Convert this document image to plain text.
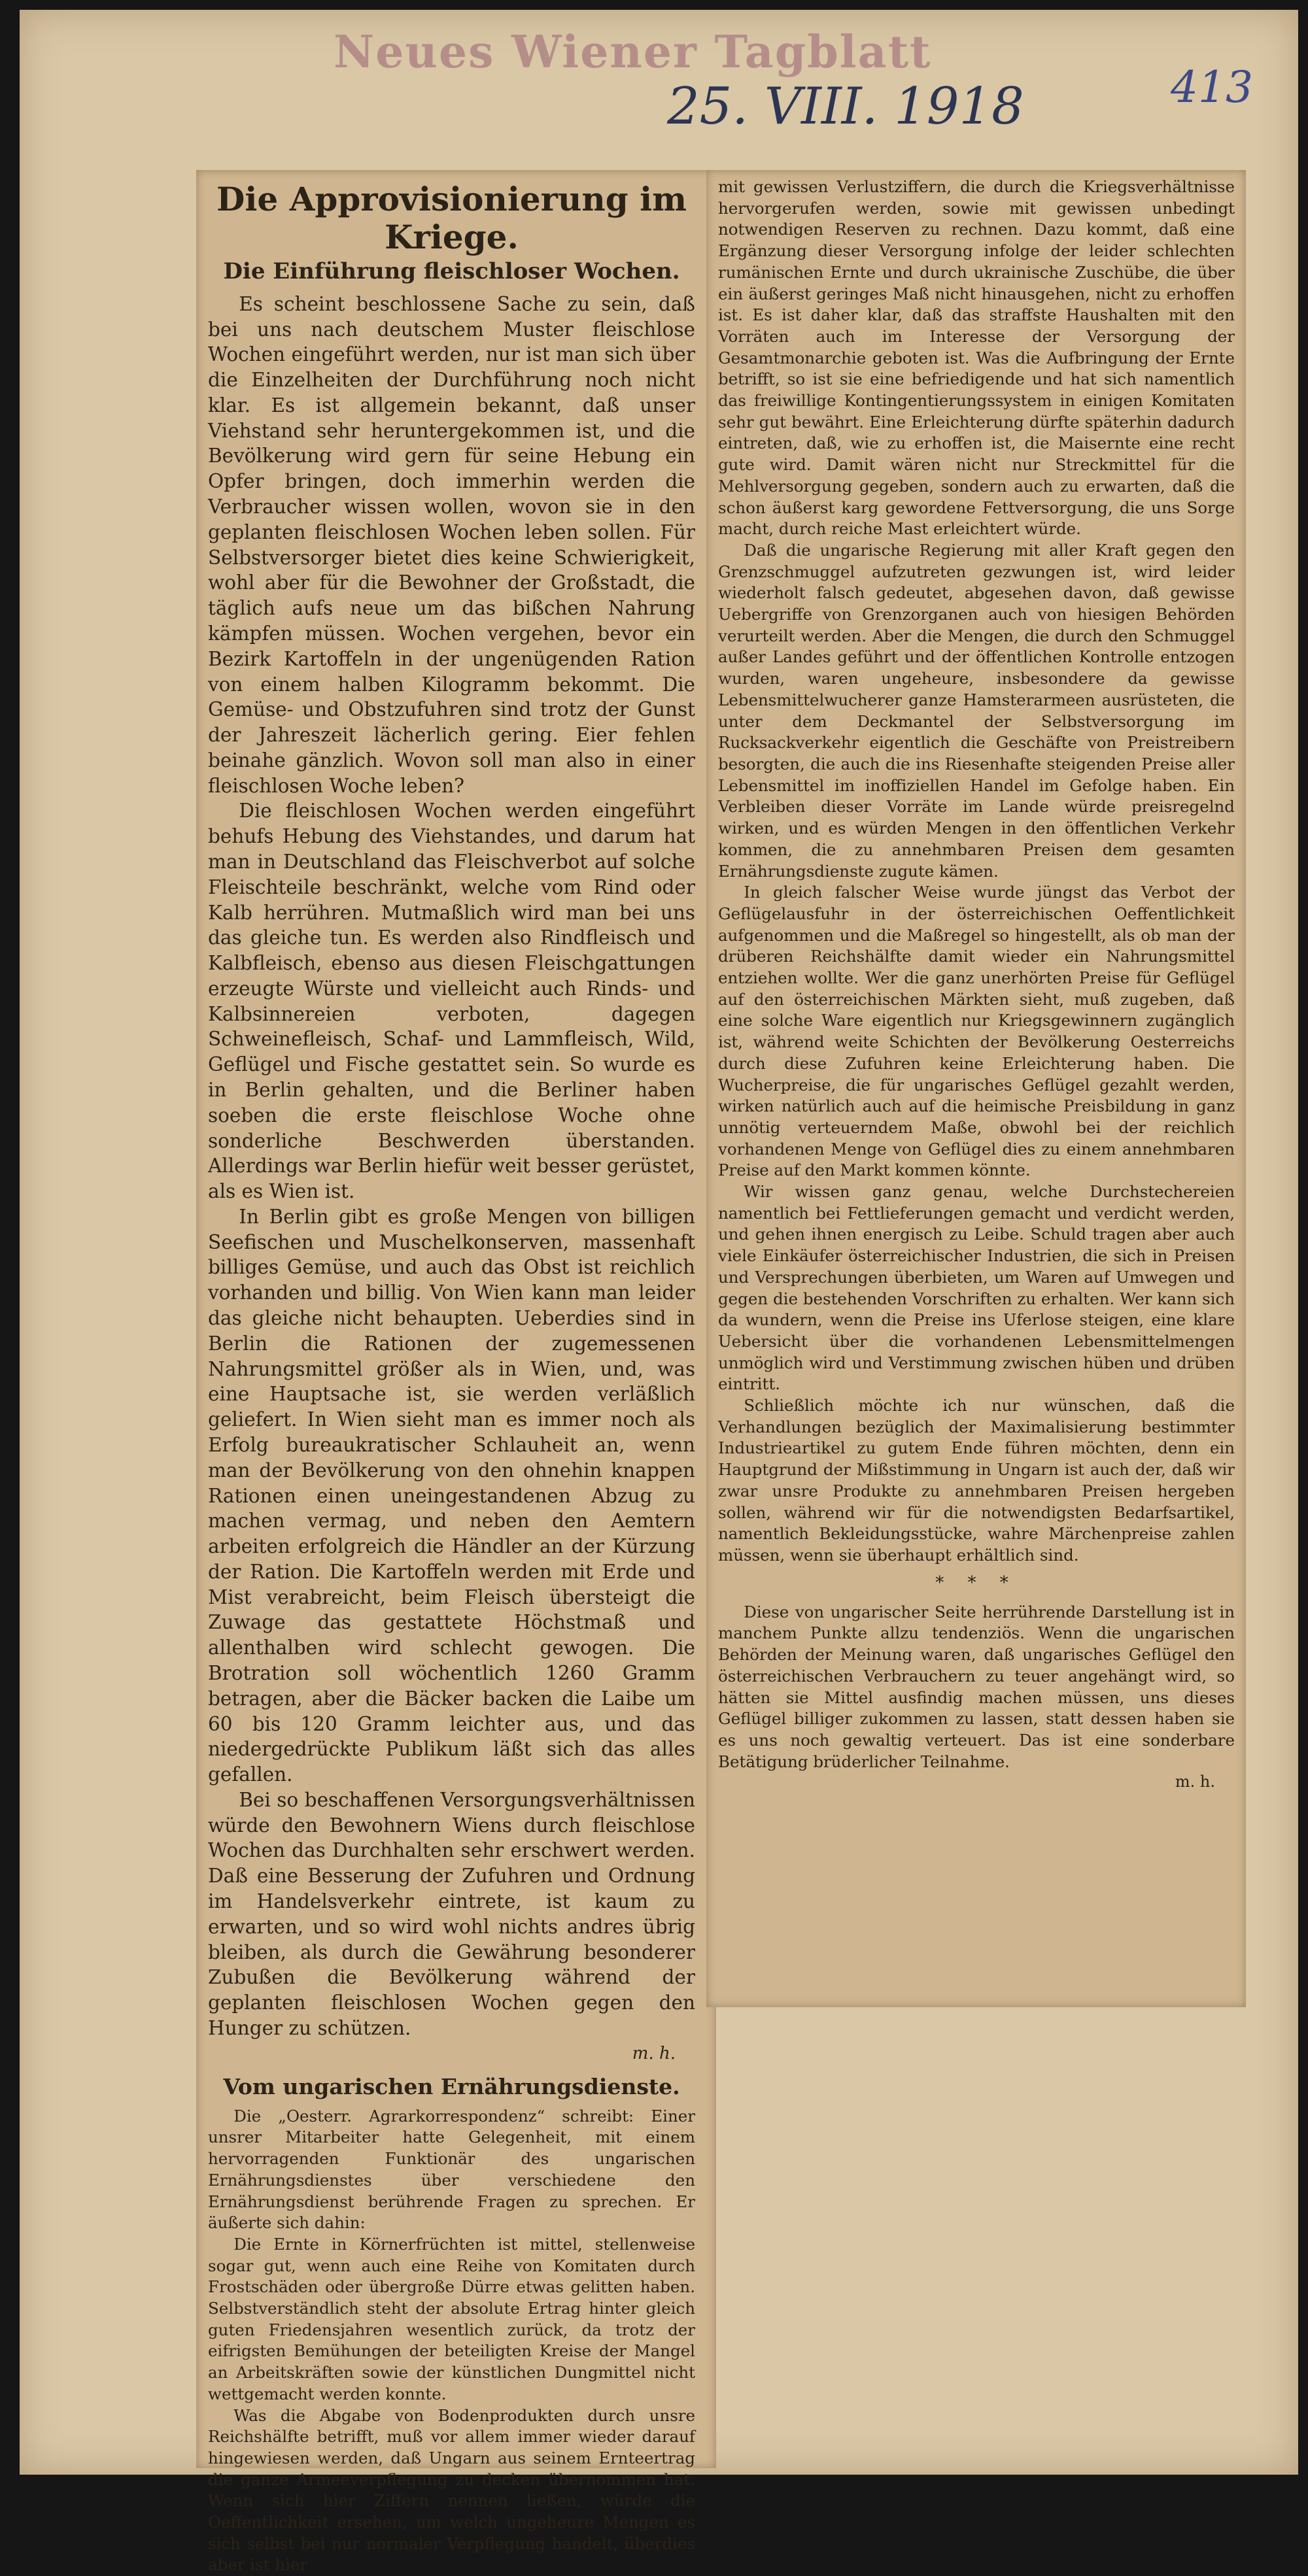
Neues Wiener Tagblatt
25. VIII. 1918	413
Die Approvisionierung im Kriege.
Die Einführung fleischloser Wochen.

Es scheint beschlossene Sache zu sein, daß bei uns nach deutschem Muster fleischlose Wochen eingeführt werden, nur ist man sich über die Einzelheiten der Durchführung noch nicht klar. Es ist allgemein bekannt, daß unser Viehstand sehr heruntergekommen ist, und die Bevölkerung wird gern für seine Hebung ein Opfer bringen, doch immerhin werden die Verbraucher wissen wollen, wovon sie in den geplanten fleischlosen Wochen leben sollen. Für Selbstversorger bietet dies keine Schwierigkeit, wohl aber für die Bewohner der Großstadt, die täglich aufs neue um das bißchen Nahrung kämpfen müssen. Wochen vergehen, bevor ein Bezirk Kartoffeln in der ungenügenden Ration von einem halben Kilogramm bekommt. Die Gemüse- und Obstzufuhren sind trotz der Gunst der Jahreszeit lächerlich gering. Eier fehlen beinahe gänzlich. Wovon soll man also in einer fleischlosen Woche leben?

Die fleischlosen Wochen werden eingeführt behufs Hebung des Viehstandes, und darum hat man in Deutschland das Fleischverbot auf solche Fleischteile beschränkt, welche vom Rind oder Kalb herrühren. Mutmaßlich wird man bei uns das gleiche tun. Es werden also Rindfleisch und Kalbfleisch, ebenso aus diesen Fleischgattungen erzeugte Würste und vielleicht auch Rinds- und Kalbsinnereien verboten, dagegen Schweinefleisch, Schaf- und Lammfleisch, Wild, Geflügel und Fische gestattet sein. So wurde es in Berlin gehalten, und die Berliner haben soeben die erste fleischlose Woche ohne sonderliche Beschwerden überstanden. Allerdings war Berlin hiefür weit besser gerüstet, als es Wien ist.

In Berlin gibt es große Mengen von billigen Seefischen und Muschelkonserven, massenhaft billiges Gemüse, und auch das Obst ist reichlich vorhanden und billig. Von Wien kann man leider das gleiche nicht behaupten. Ueberdies sind in Berlin die Rationen der zugemessenen Nahrungsmittel größer als in Wien, und, was eine Hauptsache ist, sie werden verläßlich geliefert. In Wien sieht man es immer noch als Erfolg bureaukratischer Schlauheit an, wenn man der Bevölkerung von den ohnehin knappen Rationen einen uneingestandenen Abzug zu machen vermag, und neben den Aemtern arbeiten erfolgreich die Händler an der Kürzung der Ration. Die Kartoffeln werden mit Erde und Mist verabreicht, beim Fleisch übersteigt die Zuwage das gestattete Höchstmaß und allenthalben wird schlecht gewogen. Die Brotration soll wöchentlich 1260 Gramm betragen, aber die Bäcker backen die Laibe um 60 bis 120 Gramm leichter aus, und das niedergedrückte Publikum läßt sich das alles gefallen.

Bei so beschaffenen Versorgungsverhältnissen würde den Bewohnern Wiens durch fleischlose Wochen das Durchhalten sehr erschwert werden. Daß eine Besserung der Zufuhren und Ordnung im Handelsverkehr eintrete, ist kaum zu erwarten, und so wird wohl nichts andres übrig bleiben, als durch die Gewährung besonderer Zubußen die Bevölkerung während der geplanten fleischlosen Wochen gegen den Hunger zu schützen.

m. h.
Vom ungarischen Ernährungsdienste.

Die „Oesterr. Agrarkorrespondenz“ schreibt: Einer unsrer Mitarbeiter hatte Gelegenheit, mit einem hervorragenden Funktionär des ungarischen Ernährungsdienstes über verschiedene den Ernährungsdienst berührende Fragen zu sprechen. Er äußerte sich dahin:

Die Ernte in Körnerfrüchten ist mittel, stellenweise sogar gut, wenn auch eine Reihe von Komitaten durch Frostschäden oder übergroße Dürre etwas gelitten haben. Selbstverständlich steht der absolute Ertrag hinter gleich guten Friedensjahren wesentlich zurück, da trotz der eifrigsten Bemühungen der beteiligten Kreise der Mangel an Arbeitskräften sowie der künstlichen Dungmittel nicht wettgemacht werden konnte.

Was die Abgabe von Bodenprodukten durch unsre Reichshälfte betrifft, muß vor allem immer wieder darauf hingewiesen werden, daß Ungarn aus seinem Ernteertrag die ganze Armeeverpflegung zu decken übernommen hat. Wenn sich hier Ziffern nennen ließen, würde die Oeffentlichkeit ersehen, um welch ungeheure Mengen es sich selbst bei nur normaler Verpflegung handelt, überdies aber ist hier

mit gewissen Verlustziffern, die durch die Kriegsverhältnisse hervorgerufen werden, sowie mit gewissen unbedingt notwendigen Reserven zu rechnen. Dazu kommt, daß eine Ergänzung dieser Versorgung infolge der leider schlechten rumänischen Ernte und durch ukrainische Zuschübe, die über ein äußerst geringes Maß nicht hinausgehen, nicht zu erhoffen ist. Es ist daher klar, daß das straffste Haushalten mit den Vorräten auch im Interesse der Versorgung der Gesamtmonarchie geboten ist. Was die Aufbringung der Ernte betrifft, so ist sie eine befriedigende und hat sich namentlich das freiwillige Kontingentierungssystem in einigen Komitaten sehr gut bewährt. Eine Erleichterung dürfte späterhin dadurch eintreten, daß, wie zu erhoffen ist, die Maisernte eine recht gute wird. Damit wären nicht nur Streckmittel für die Mehlversorgung gegeben, sondern auch zu erwarten, daß die schon äußerst karg gewordene Fettversorgung, die uns Sorge macht, durch reiche Mast erleichtert würde.

Daß die ungarische Regierung mit aller Kraft gegen den Grenzschmuggel aufzutreten gezwungen ist, wird leider wiederholt falsch gedeutet, abgesehen davon, daß gewisse Uebergriffe von Grenzorganen auch von hiesigen Behörden verurteilt werden. Aber die Mengen, die durch den Schmuggel außer Landes geführt und der öffentlichen Kontrolle entzogen wurden, waren ungeheure, insbesondere da gewisse Lebensmittelwucherer ganze Hamsterarmeen ausrüsteten, die unter dem Deckmantel der Selbstversorgung im Rucksackverkehr eigentlich die Geschäfte von Preistreibern besorgten, die auch die ins Riesenhafte steigenden Preise aller Lebensmittel im inoffiziellen Handel im Gefolge haben. Ein Verbleiben dieser Vorräte im Lande würde preisregelnd wirken, und es würden Mengen in den öffentlichen Verkehr kommen, die zu annehmbaren Preisen dem gesamten Ernährungsdienste zugute kämen.

In gleich falscher Weise wurde jüngst das Verbot der Geflügelausfuhr in der österreichischen Oeffentlichkeit aufgenommen und die Maßregel so hingestellt, als ob man der drüberen Reichshälfte damit wieder ein Nahrungsmittel entziehen wollte. Wer die ganz unerhörten Preise für Geflügel auf den österreichischen Märkten sieht, muß zugeben, daß eine solche Ware eigentlich nur Kriegsgewinnern zugänglich ist, während weite Schichten der Bevölkerung Oesterreichs durch diese Zufuhren keine Erleichterung haben. Die Wucherpreise, die für ungarisches Geflügel gezahlt werden, wirken natürlich auch auf die heimische Preisbildung in ganz unnötig verteuerndem Maße, obwohl bei der reichlich vorhandenen Menge von Geflügel dies zu einem annehmbaren Preise auf den Markt kommen könnte.

Wir wissen ganz genau, welche Durchstechereien namentlich bei Fettlieferungen gemacht und verdicht werden, und gehen ihnen energisch zu Leibe. Schuld tragen aber auch viele Einkäufer österreichischer Industrien, die sich in Preisen und Versprechungen überbieten, um Waren auf Umwegen und gegen die bestehenden Vorschriften zu erhalten. Wer kann sich da wundern, wenn die Preise ins Uferlose steigen, eine klare Uebersicht über die vorhandenen Lebensmittelmengen unmöglich wird und Verstimmung zwischen hüben und drüben eintritt.

Schließlich möchte ich nur wünschen, daß die Verhandlungen bezüglich der Maximalisierung bestimmter Industrieartikel zu gutem Ende führen möchten, denn ein Hauptgrund der Mißstimmung in Ungarn ist auch der, daß wir zwar unsre Produkte zu annehmbaren Preisen hergeben sollen, während wir für die notwendigsten Bedarfsartikel, namentlich Bekleidungsstücke, wahre Märchenpreise zahlen müssen, wenn sie überhaupt erhältlich sind.

* * *

Diese von ungarischer Seite herrührende Darstellung ist in manchem Punkte allzu tendenziös. Wenn die ungarischen Behörden der Meinung waren, daß ungarisches Geflügel den österreichischen Verbrauchern zu teuer angehängt wird, so hätten sie Mittel ausfindig machen müssen, uns dieses Geflügel billiger zukommen zu lassen, statt dessen haben sie es uns noch gewaltig verteuert. Das ist eine sonderbare Betätigung brüderlicher Teilnahme.

m. h.
